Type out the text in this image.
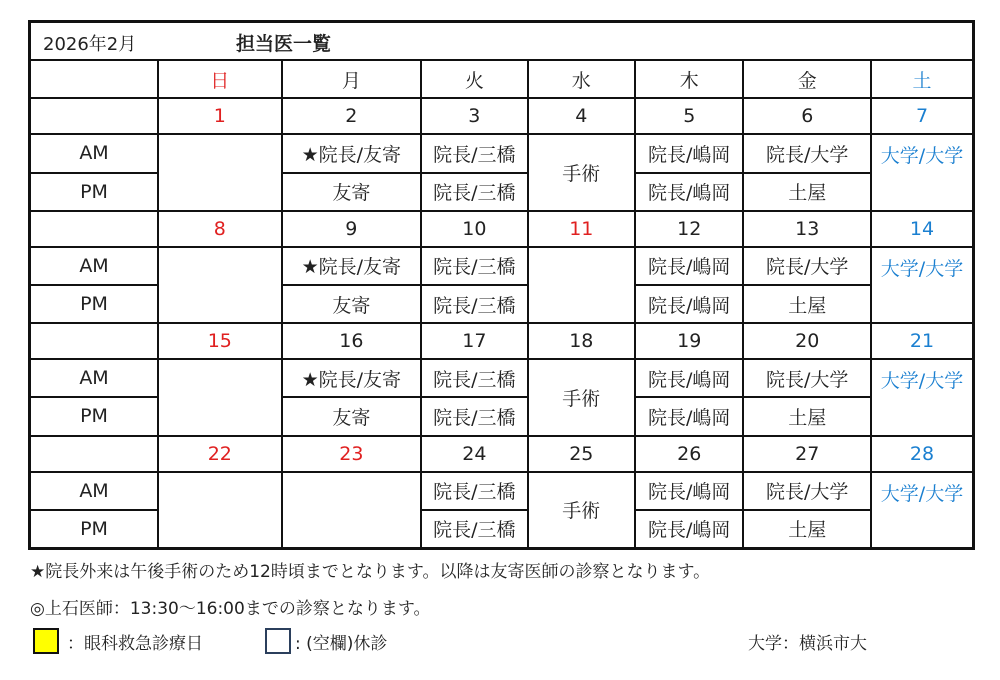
2026年2月 担当医一覧							

	日	月	火	水	木	金	土
	1	2	3	4	5	6	7
AM		★院長/友寄	院長/三橋	手術	院長/嶋岡	院長/大学	大学/大学
PM		友寄	院長/三橋		院長/嶋岡	土屋	
	8	9	10	11	12	13	14
AM		★院長/友寄	院長/三橋		院長/嶋岡	院長/大学	大学/大学
PM		友寄	院長/三橋		院長/嶋岡	土屋	
	15	16	17	18	19	20	21
AM		★院長/友寄	院長/三橋	手術	院長/嶋岡	院長/大学	大学/大学
PM		友寄	院長/三橋		院長/嶋岡	土屋	
	22	23	24	25	26	27	28
AM			院長/三橋	手術	院長/嶋岡	院長/大学	大学/大学
PM			院長/三橋		院長/嶋岡	土屋	
★院長外来は午後手術のため12時頃までとなります。以降は友寄医師の診察となります。
◎上石医師：13:30～16:00までの診察となります。
：眼科救急診療日	: (空欄)休診	大学：横浜市大
